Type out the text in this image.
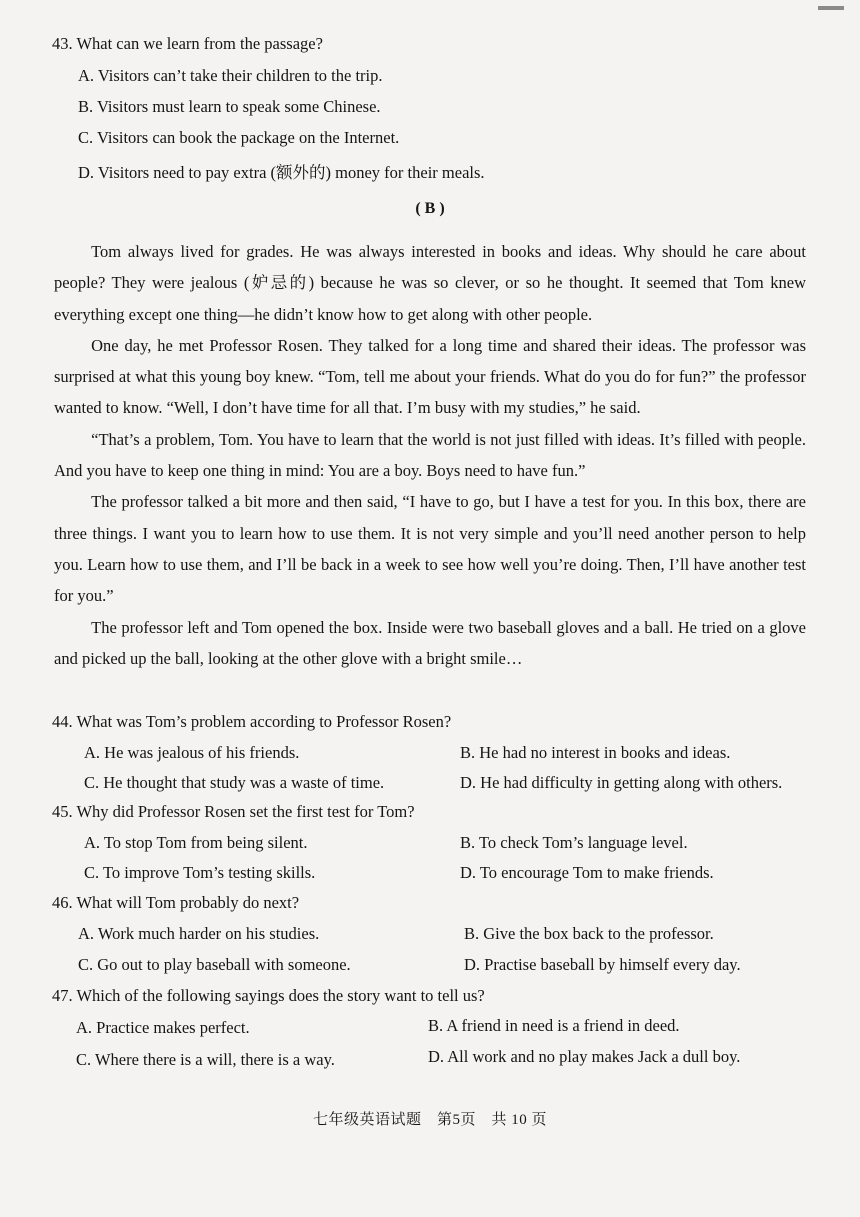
43. What can we learn from the passage?
A. Visitors can’t take their children to the trip.
B. Visitors must learn to speak some Chinese.
C. Visitors can book the package on the Internet.
D. Visitors need to pay extra (额外的) money for their meals.
( B )

Tom always lived for grades. He was always interested in books and ideas. Why should he care about people? They were jealous (妒忌的) because he was so clever, or so he thought. It seemed that Tom knew everything except one thing—he didn’t know how to get along with other people.

One day, he met Professor Rosen. They talked for a long time and shared their ideas. The professor was surprised at what this young boy knew. “Tom, tell me about your friends. What do you do for fun?” the professor wanted to know. “Well, I don’t have time for all that. I’m busy with my studies,” he said.

“That’s a problem, Tom. You have to learn that the world is not just filled with ideas. It’s filled with people. And you have to keep one thing in mind: You are a boy. Boys need to have fun.”

The professor talked a bit more and then said, “I have to go, but I have a test for you. In this box, there are three things. I want you to learn how to use them. It is not very simple and you’ll need another person to help you. Learn how to use them, and I’ll be back in a week to see how well you’re doing. Then, I’ll have another test for you.”

The professor left and Tom opened the box. Inside were two baseball gloves and a ball. He tried on a glove and picked up the ball, looking at the other glove with a bright smile…

44. What was Tom’s problem according to Professor Rosen?
A. He was jealous of his friends.	B. He had no interest in books and ideas.
C. He thought that study was a waste of time.	D. He had difficulty in getting along with others.
45. Why did Professor Rosen set the first test for Tom?
A. To stop Tom from being silent.	B. To check Tom’s language level.
C. To improve Tom’s testing skills.	D. To encourage Tom to make friends.
46. What will Tom probably do next?
A. Work much harder on his studies.	B. Give the box back to the professor.
C. Go out to play baseball with someone.	D. Practise baseball by himself every day.
47. Which of the following sayings does the story want to tell us?
A. Practice makes perfect.	B. A friend in need is a friend in deed.
C. Where there is a will, there is a way.	D. All work and no play makes Jack a dull boy.
七年级英语试题　第5页　共 10 页
